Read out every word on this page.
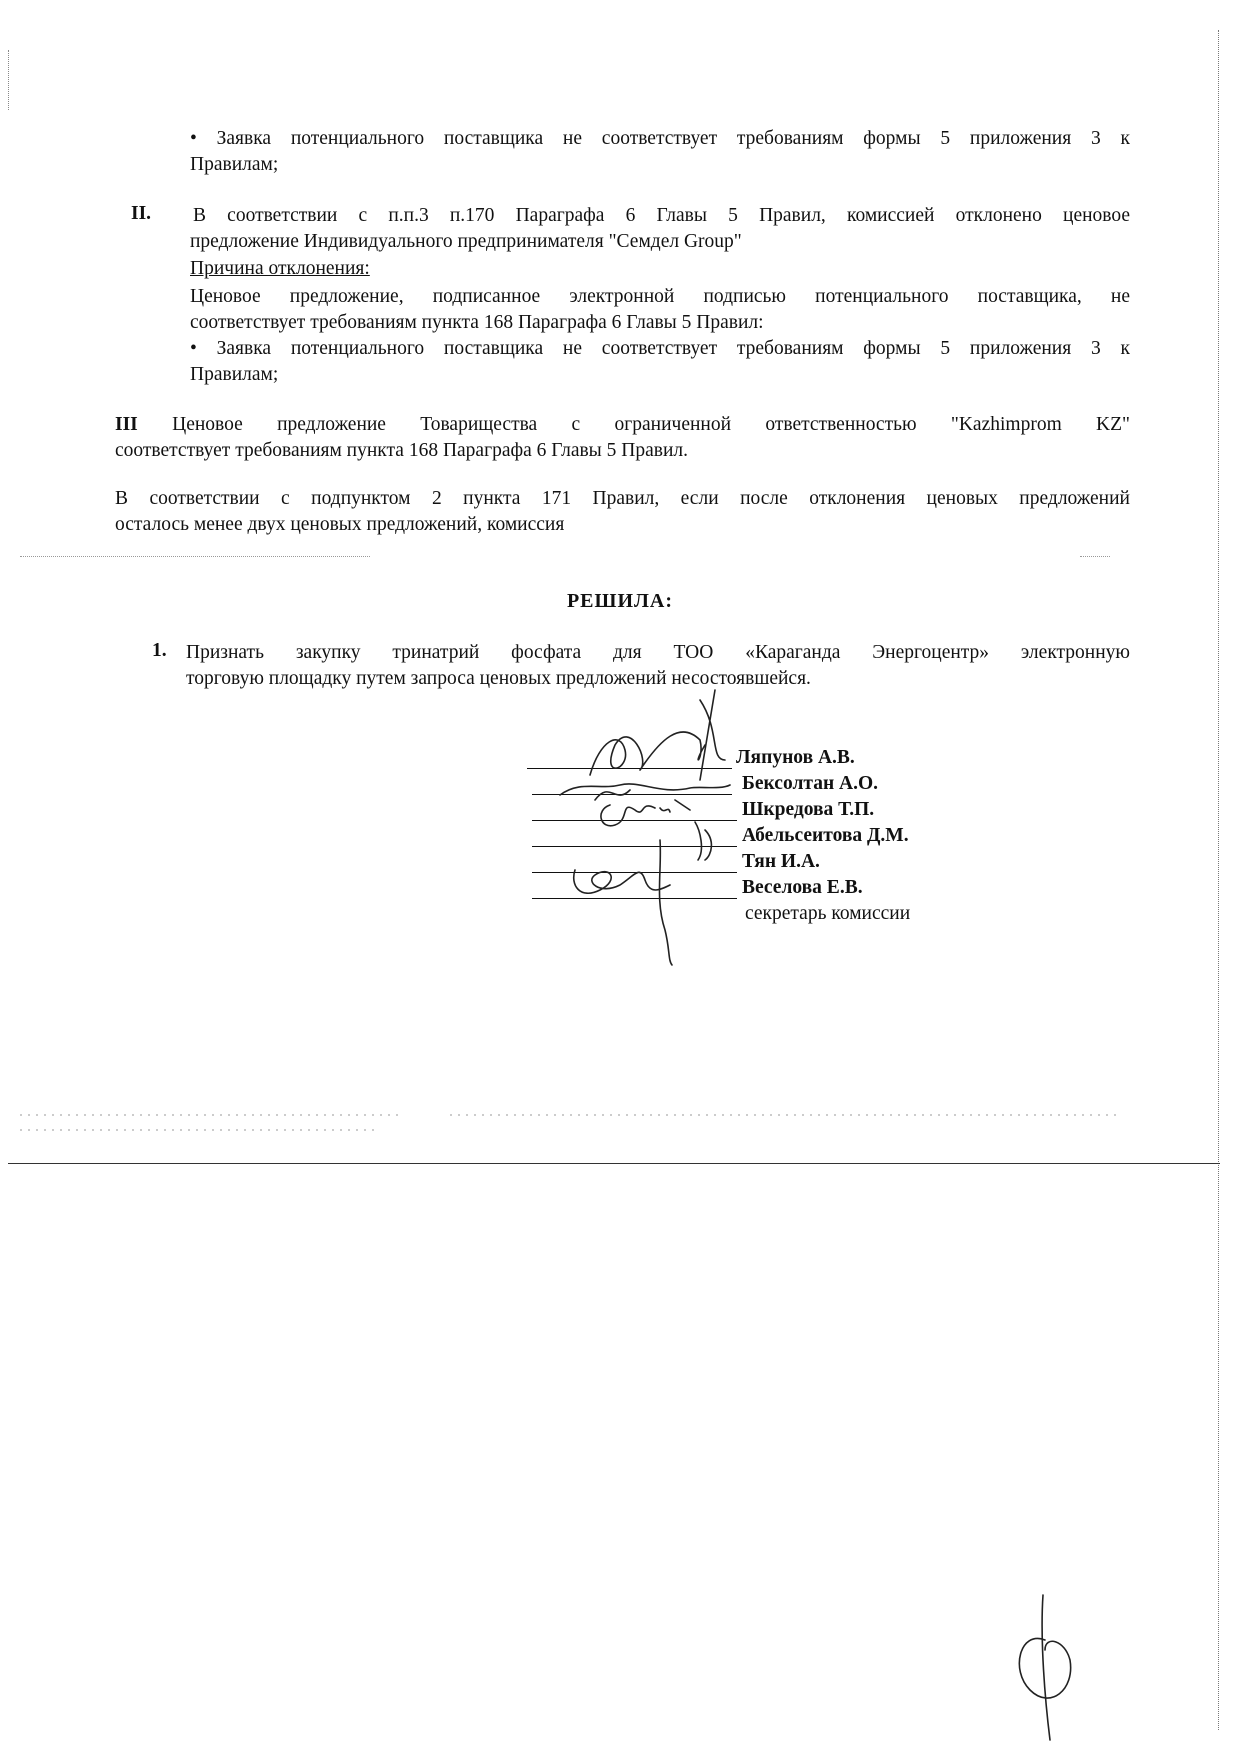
• Заявка потенциального поставщика не соответствует требованиям формы 5 приложения 3 к
Правилам;
II. В соответствии с п.п.3 п.170 Параграфа 6 Главы 5 Правил, комиссией отклонено ценовое
предложение Индивидуального предпринимателя "Семдел Group"
Причина отклонения:
Ценовое предложение, подписанное электронной подписью потенциального поставщика, не
соответствует требованиям пункта 168 Параграфа 6 Главы 5 Правил:
• Заявка потенциального поставщика не соответствует требованиям формы 5 приложения 3 к
Правилам;
III Ценовое предложение Товарищества с ограниченной ответственностью "Kazhimprom KZ"
соответствует требованиям пункта 168 Параграфа 6 Главы 5 Правил.
В соответствии с подпунктом 2 пункта 171 Правил, если после отклонения ценовых предложений
осталось менее двух ценовых предложений, комиссия
РЕШИЛА:
1. Признать закупку тринатрий фосфата для ТОО «Караганда Энергоцентр» электронную
торговую площадку путем запроса ценовых предложений несостоявшейся.
Ляпунов А.В.
Бексолтан А.О.
Шкредова Т.П.
Абельсеитова Д.М.
Тян И.А.
Веселова Е.В.
секретарь комиссии
